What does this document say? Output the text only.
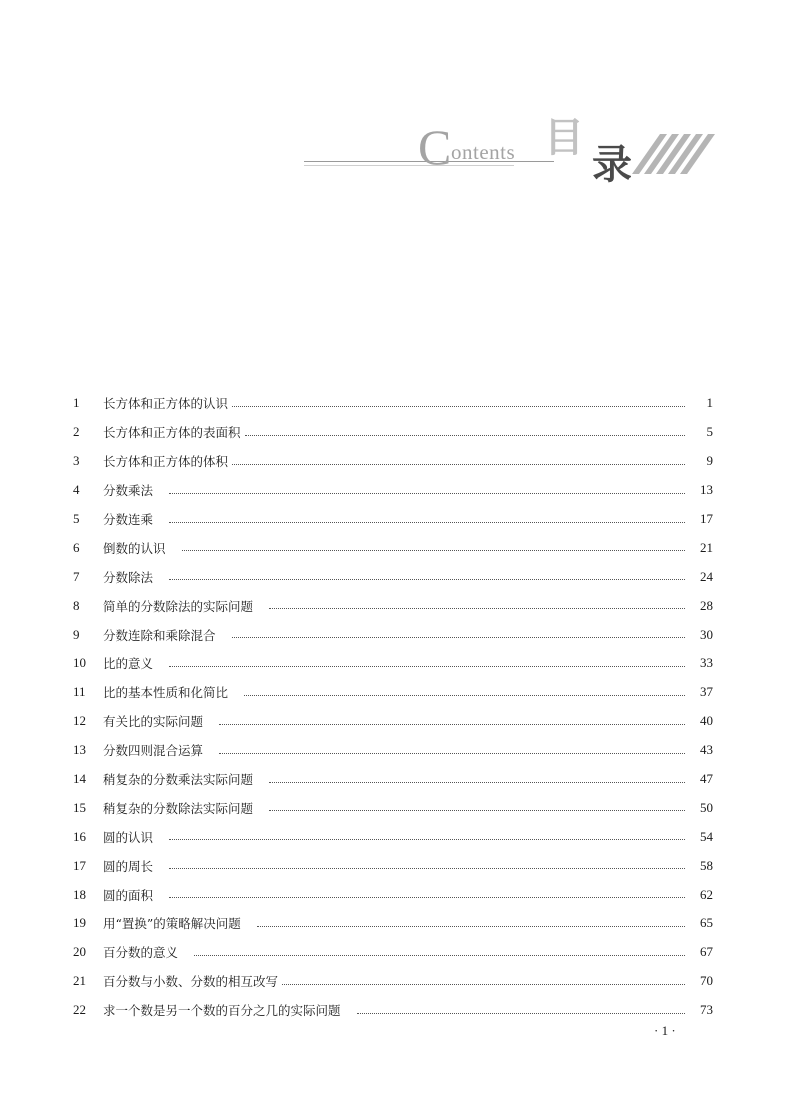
C ontents 目
录
1	长方体和正方体的认识	1
2	长方体和正方体的表面积	5
3	长方体和正方体的体积	9
4	分数乘法	13
5	分数连乘	17
6	倒数的认识	21
7	分数除法	24
8	简单的分数除法的实际问题	28
9	分数连除和乘除混合	30
10	比的意义	33
11	比的基本性质和化简比	37
12	有关比的实际问题	40
13	分数四则混合运算	43
14	稍复杂的分数乘法实际问题	47
15	稍复杂的分数除法实际问题	50
16	圆的认识	54
17	圆的周长	58
18	圆的面积	62
19	用“置换”的策略解决问题	65
20	百分数的意义	67
21	百分数与小数、分数的相互改写	70
22	求一个数是另一个数的百分之几的实际问题	73
· 1 ·
